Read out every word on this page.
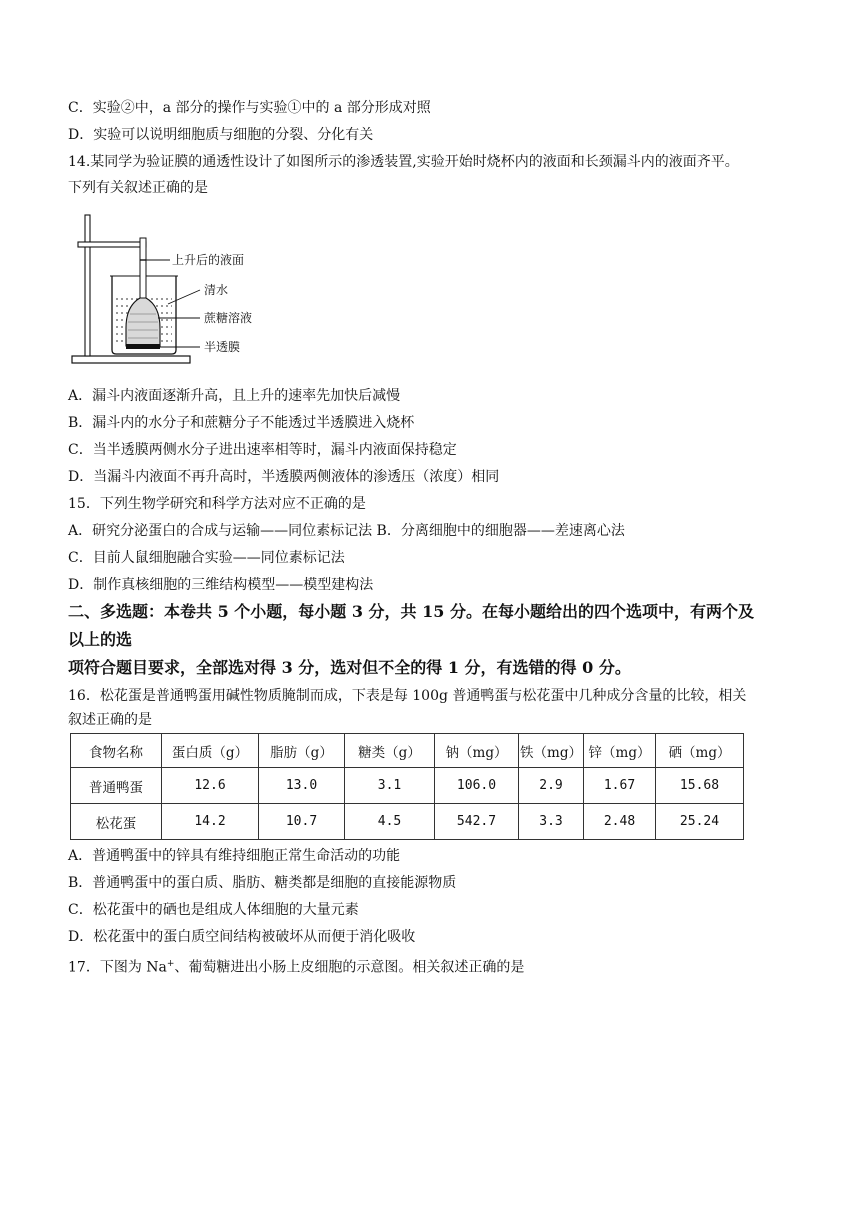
C．实验②中，a 部分的操作与实验①中的 a 部分形成对照
D．实验可以说明细胞质与细胞的分裂、分化有关
14.某同学为验证膜的通透性设计了如图所示的渗透装置,实验开始时烧杯内的液面和长颈漏斗内的液面齐平。
下列有关叙述正确的是
上升后的液面
清水
蔗糖溶液
半透膜
A．漏斗内液面逐渐升高，且上升的速率先加快后减慢
B．漏斗内的水分子和蔗糖分子不能透过半透膜进入烧杯
C．当半透膜两侧水分子进出速率相等时，漏斗内液面保持稳定
D．当漏斗内液面不再升高时，半透膜两侧液体的渗透压（浓度）相同
15．下列生物学研究和科学方法对应不正确的是
A．研究分泌蛋白的合成与运输——同位素标记法 B．分离细胞中的细胞器——差速离心法
C．目前人鼠细胞融合实验——同位素标记法
D．制作真核细胞的三维结构模型——模型建构法
二、多选题：本卷共 5 个小题，每小题 3 分，共 15 分。在每小题给出的四个选项中，有两个及
以上的选
项符合题目要求，全部选对得 3 分，选对但不全的得 1 分，有选错的得 0 分。
16．松花蛋是普通鸭蛋用碱性物质腌制而成，下表是每 100g 普通鸭蛋与松花蛋中几种成分含量的比较，相关
叙述正确的是
食物名称	蛋白质（g）	脂肪（g）	糖类（g）	钠（mg）	铁（mg）	锌（mg）	硒（mg）
普通鸭蛋	12.6	13.0	3.1	106.0	2.9	1.67	15.68
松花蛋	14.2	10.7	4.5	542.7	3.3	2.48	25.24
A．普通鸭蛋中的锌具有维持细胞正常生命活动的功能
B．普通鸭蛋中的蛋白质、脂肪、糖类都是细胞的直接能源物质
C．松花蛋中的硒也是组成人体细胞的大量元素
D．松花蛋中的蛋白质空间结构被破坏从而便于消化吸收
17．下图为 Na+、葡萄糖进出小肠上皮细胞的示意图。相关叙述正确的是
